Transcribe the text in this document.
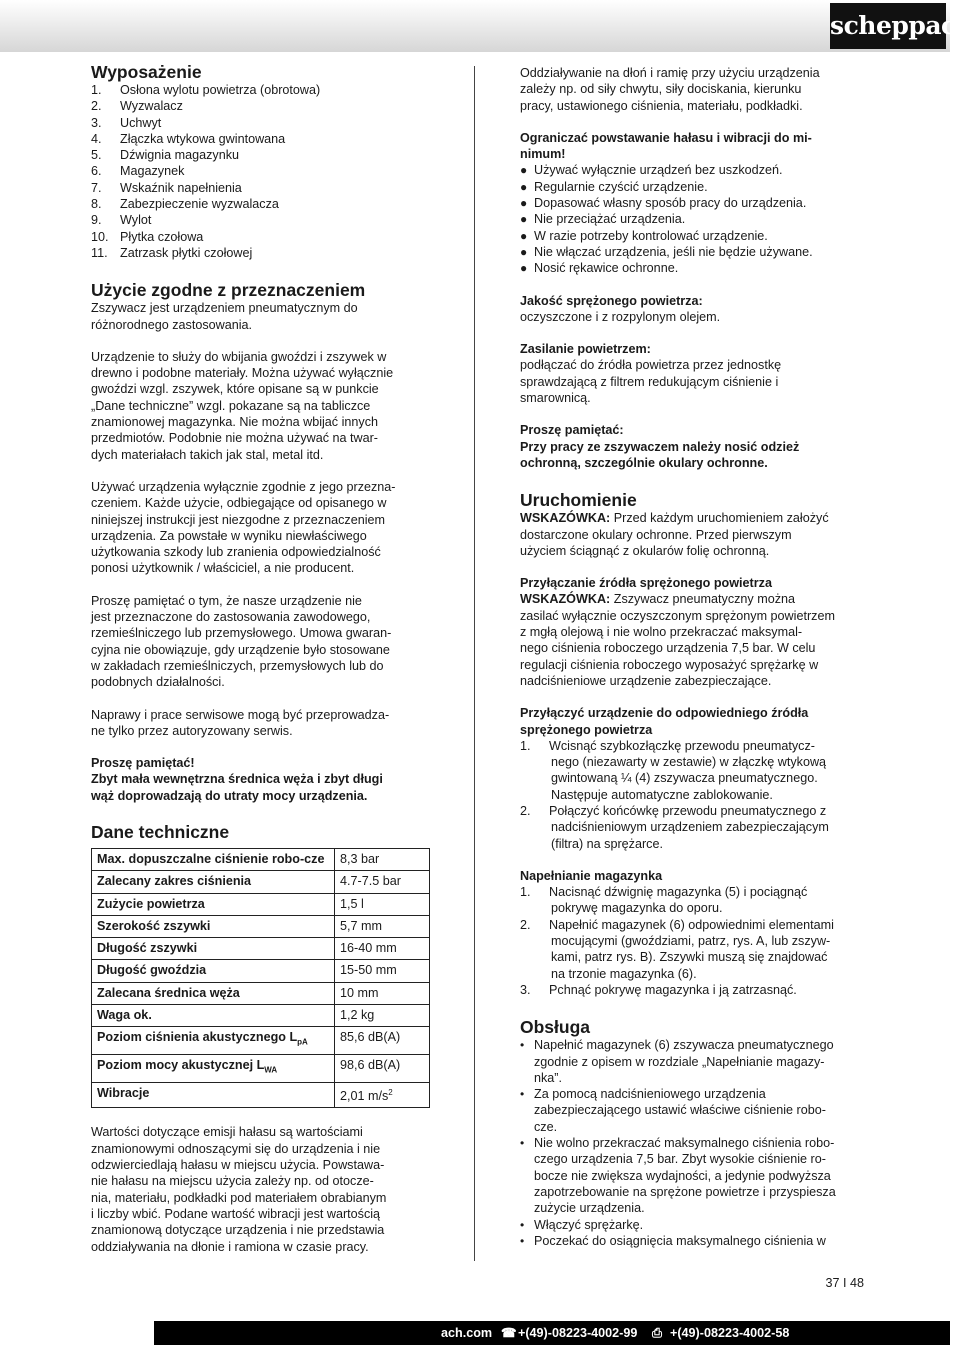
scheppach
Wyposażenie
1.	Osłona wylotu powietrza (obrotowa)
2.	Wyzwalacz
3.	Uchwyt
4.	Złączka wtykowa gwintowana
5.	Dźwignia magazynku
6.	Magazynek
7.	Wskaźnik napełnienia
8.	Zabezpieczenie wyzwalacza
9.	Wylot
10. Płytka czołowa
11. Zatrzask płytki czołowej
Użycie zgodne z przeznaczeniem
Zszywacz jest urządzeniem pneumatycznym do
różnorodnego zastosowania.
Urządzenie to służy do wbijania gwoździ i zszywek w
drewno i podobne materiały. Można używać wyłącznie
gwoździ wzgl. zszywek, które opisane są w punkcie
„Dane techniczne” wzgl. pokazane są na tabliczce
znamionowej magazynka. Nie można wbijać innych
przedmiotów. Podobnie nie można używać na twar-
dych materiałach takich jak stal, metal itd.
Używać urządzenia wyłącznie zgodnie z jego przezna-
czeniem. Każde użycie, odbiegające od opisanego w
niniejszej instrukcji jest niezgodne z przeznaczeniem
urządzenia. Za powstałe w wyniku niewłaściwego
użytkowania szkody lub zranienia odpowiedzialność
ponosi użytkownik / właściciel, a nie producent.
Proszę pamiętać o tym, że nasze urządzenie nie
jest przeznaczone do zastosowania zawodowego,
rzemieślniczego lub przemysłowego. Umowa gwaran-
cyjna nie obowiązuje, gdy urządzenie było stosowane
w zakładach rzemieślniczych, przemysłowych lub do
podobnych działalności.
Naprawy i prace serwisowe mogą być przeprowadza-
ne tylko przez autoryzowany serwis.
Proszę pamiętać!
Zbyt mała wewnętrzna średnica węża i zbyt długi
wąż doprowadzają do utraty mocy urządzenia.
Dane techniczne
Max. dopuszczalne ciśnienie robo-cze	8,3 bar
Zalecany zakres ciśnienia	4.7-7.5 bar
Zużycie powietrza	1,5 l
Szerokość zszywki	5,7 mm
Długość zszywki	16-40 mm
Długość gwoździa	15-50 mm
Zalecana średnica węża	10 mm
Waga ok.	1,2 kg
Poziom ciśnienia akustycznego $L_{pA}$	85,6 dB(A)
Poziom mocy akustycznej $L_{WA}$	98,6 dB(A)
Wibracje	2,01 $m/s^2$
Wartości dotyczące emisji hałasu są wartościami
znamionowymi odnoszącymi się do urządzenia i nie
odzwierciedlają hałasu w miejscu użycia. Powstawa-
nie hałasu na miejscu użycia zależy np. od otocze-
nia, materiału, podkładki pod materiałem obrabianym
i liczby wbić. Podane wartość wibracji jest wartością
znamionową dotyczące urządzenia i nie przedstawia
oddziaływania na dłonie i ramiona w czasie pracy.
Oddziaływanie na dłoń i ramię przy użyciu urządzenia
zależy np. od siły chwytu, siły dociskania, kierunku
pracy, ustawionego ciśnienia, materiału, podkładki.
Ograniczać powstawanie hałasu i wibracji do mi-
nimum!
● Używać wyłącznie urządzeń bez uszkodzeń.
● Regularnie czyścić urządzenie.
● Dopasować własny sposób pracy do urządzenia.
● Nie przeciążać urządzenia.
● W razie potrzeby kontrolować urządzenie.
● Nie włączać urządzenia, jeśli nie będzie używane.
● Nosić rękawice ochronne.

Jakość sprężonego powietrza:

oczyszczone i z rozpylonym olejem.

Zasilanie powietrzem:

podłączać do źródła powietrza przez jednostkę
sprawdzającą z filtrem redukującym ciśnienie i
smarownicą.
Proszę pamiętać:
Przy pracy ze zszywaczem należy nosić odzież
ochronną, szczególnie okulary ochronne.
Uruchomienie
WSKAZÓWKA: Przed każdym uruchomieniem założyć
dostarczone okulary ochronne. Przed pierwszym
użyciem ściągnąć z okularów folię ochronną.

Przyłączanie źródła sprężonego powietrza

WSKAZÓWKA: Zszywacz pneumatyczny można
zasilać wyłącznie oczyszczonym sprężonym powietrzem
z mgłą olejową i nie wolno przekraczać maksymal-
nego ciśnienia roboczego urządzenia 7,5 bar. W celu
regulacji ciśnienia roboczego wyposażyć sprężarkę w
nadciśnieniowe urządzenie zabezpieczające.
Przyłączyć urządzenie do odpowiedniego źródła
sprężonego powietrza
1.	Wcisnąć szybkozłączkę przewodu pneumatycz-
nego (niezawarty w zestawie) w złączkę wtykową
gwintowaną ¼ (4) zszywacza pneumatycznego.
Następuje automatyczne zablokowanie.
2.	Połączyć końcówkę przewodu pneumatycznego z
nadciśnieniowym urządzeniem zabezpieczającym
(filtra) na sprężarce.

Napełnianie magazynka

1.	Nacisnąć dźwignię magazynka (5) i pociągnąć
pokrywę magazynka do oporu.
2.	Napełnić magazynek (6) odpowiednimi elementami
mocującymi (gwoździami, patrz, rys. A, lub zszyw-
kami, patrz rys. B). Zszywki muszą się znajdować
na trzonie magazynka (6).
3.	Pchnąć pokrywę magazynka i ją zatrzasnąć.
Obsługa
• Napełnić magazynek (6) zszywacza pneumatycznego
zgodnie z opisem w rozdziale „Napełnianie magazy-
nka”.
• Za pomocą nadciśnieniowego urządzenia
zabezpieczającego ustawić właściwe ciśnienie robo-
cze.
• Nie wolno przekraczać maksymalnego ciśnienia robo-
czego urządzenia 7,5 bar. Zbyt wysokie ciśnienie ro-
bocze nie zwiększa wydajności, a jedynie podwyższa
zapotrzebowanie na sprężone powietrze i przyspiesza
zużycie urządzenia.
• Włączyć sprężarkę.
• Poczekać do osiągnięcia maksymalnego ciśnienia w
37 I 48
ach.com ☎ +(49)-08223-4002-99 ⎙ +(49)-08223-4002-58
